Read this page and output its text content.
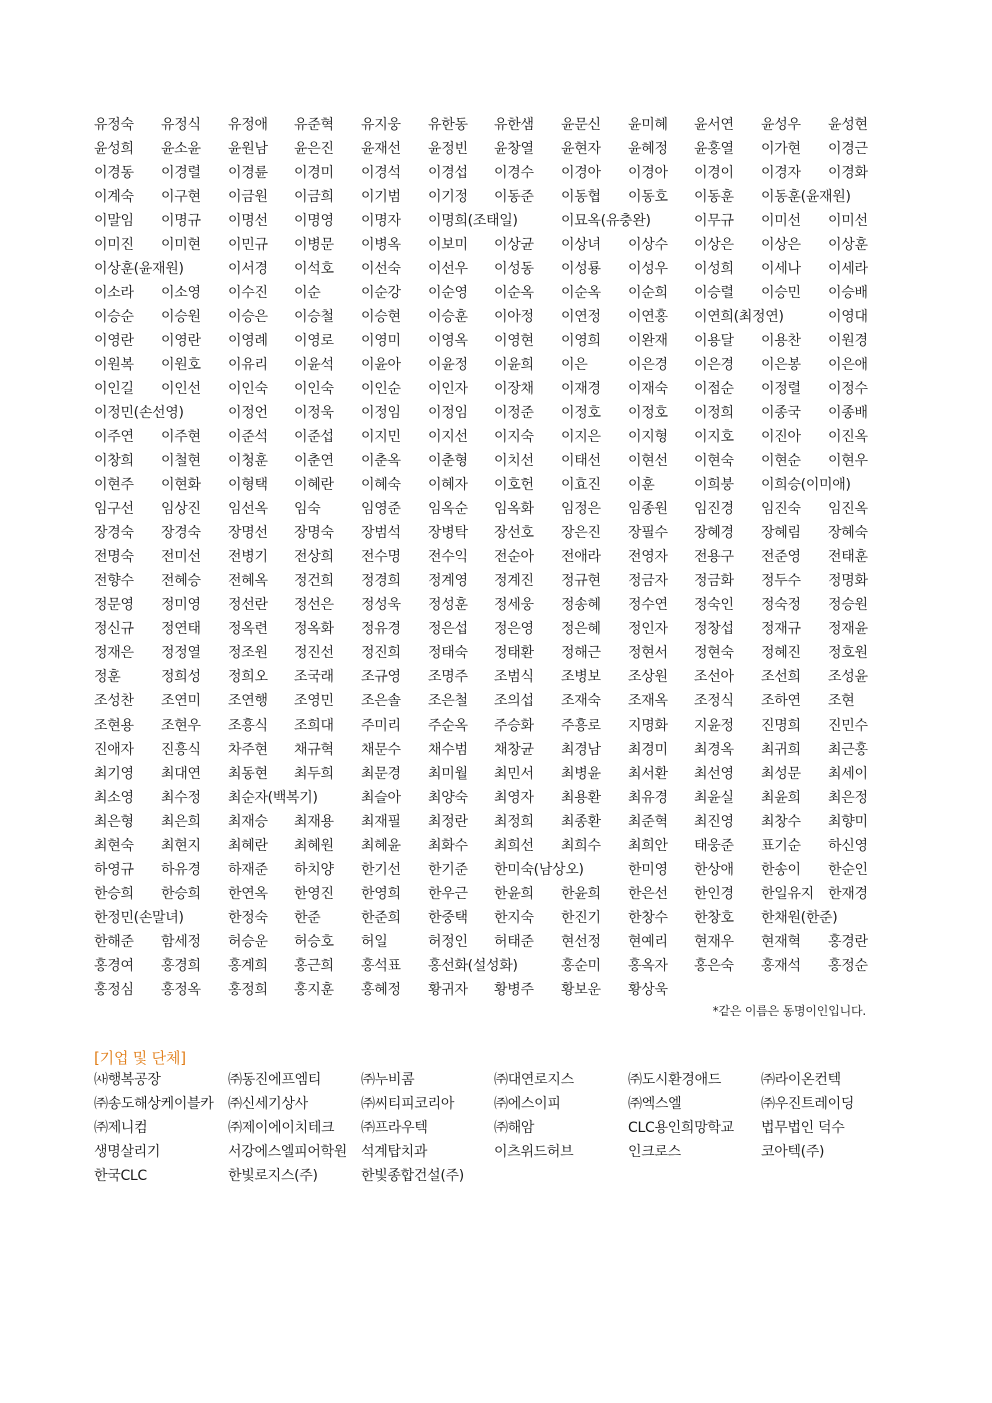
유정숙 유정식 유정애 유준혁 유지웅 유한동 유한샘 윤문신 윤미혜 윤서연 윤성우 윤성현
윤성희 윤소윤 윤원남 윤은진 윤재선 윤정빈 윤창열 윤현자 윤혜정 윤홍열 이가현 이경근
이경동 이경렬 이경륜 이경미 이경석 이경섭 이경수 이경아 이경아 이경이 이경자 이경화
이계숙 이구현 이금원 이금희 이기범 이기정 이동준 이동협 이동호 이동훈 이동훈(윤재원)
이말임 이명규 이명선 이명영 이명자 이명희(조태일)	이묘옥(유충완)	이무규 이미선 이미선
이미진 이미현 이민규 이병문 이병옥 이보미 이상균 이상녀 이상수 이상은 이상은 이상훈
이상훈(윤재원)	이서경 이석호 이선숙 이선우 이성동 이성룡 이성우 이성희 이세나 이세라
이소라 이소영 이수진 이순	이순강 이순영 이순옥 이순옥 이순희 이승렬 이승민 이승배
이승순 이승원 이승은 이승철 이승현 이승훈 이아정 이연정 이연홍 이연희(최정연)	이영대
이영란 이영란 이영례 이영로 이영미 이영옥 이영현 이영희 이완재 이용달 이용찬 이원경
이원복 이원호 이유리 이윤석 이윤아 이윤정 이윤희 이은	이은경 이은경 이은봉 이은애
이인길 이인선 이인숙 이인숙 이인순 이인자 이장채 이재경 이재숙 이점순 이정렬 이정수
이정민(손선영)	이정언 이정욱 이정임 이정임 이정준 이정호 이정호 이정희 이종국 이종배
이주연 이주현 이준석 이준섭 이지민 이지선 이지숙 이지은 이지형 이지호 이진아 이진옥
이창희 이철현 이청훈 이춘연 이춘옥 이춘형 이치선 이태선 이현선 이현숙 이현순 이현우
이현주 이현화 이형택 이혜란 이혜숙 이혜자 이호헌 이효진 이훈	이희붕 이희승(이미애)
임구선 임상진 임선옥 임숙	임영준 임옥순 임옥화 임정은 임종원 임진경 임진숙 임진옥
장경숙 장경숙 장명선 장명숙 장범석 장병탁 장선호 장은진 장필수 장혜경 장혜림 장혜숙
전명숙 전미선 전병기 전상희 전수명 전수익 전순아 전애라 전영자 전용구 전준영 전태훈
전향수 전혜승 전혜옥 정건희 정경희 정계영 정계진 정규현 정금자 정금화 정두수 정명화
정문영 정미영 정선란 정선은 정성욱 정성훈 정세웅 정송혜 정수연 정숙인 정숙정 정승원
정신규 정연태 정옥련 정옥화 정유경 정은섭 정은영 정은혜 정인자 정창섭 정재규 정재윤
정재은 정정열 정조원 정진선 정진희 정태숙 정태환 정해근 정현서 정현숙 정혜진 정호원
정훈	정희성 정희오 조국래 조규영 조명주 조범식 조병보 조상원 조선아 조선희 조성윤
조성찬 조연미 조연행 조영민 조은솔 조은철 조의섭 조재숙 조재옥 조정식 조하연 조현
조현용 조현우 조흥식 조희대 주미리 주순옥 주승화 주흥로 지명화 지윤정 진명희 진민수
진애자 진흥식 차주현 채규혁 채문수 채수범 채창균 최경남 최경미 최경옥 최귀희 최근홍
최기영 최대연 최동현 최두희 최문경 최미월 최민서 최병윤 최서환 최선영 최성문 최세이
최소영 최수정 최순자(백복기)	최슬아 최양숙 최영자 최용환 최유경 최윤실 최윤희 최은정
최은형 최은희 최재승 최재용 최재필 최정란 최정희 최종환 최준혁 최진영 최창수 최향미
최현숙 최현지 최혜란 최혜원 최혜윤 최화수 최희선 최희수 최희안 태웅준 표기순 하신영
하영규 하유경 하재준 하치양 한기선 한기준 한미숙(남상오)	한미영 한상애 한송이 한순인
한승희 한승희 한연옥 한영진 한영희 한우근 한윤희 한윤희 한은선 한인경 한일유지 한재경
한정민(손말녀)	한정숙 한준	한준희 한중택 한지숙 한진기 한창수 한창호 한채원(한준)
한해준 함세정 허승운 허승호 허일	허정인 허태준 현선정 현예리 현재우 현재혁 홍경란
홍경여 홍경희 홍계희 홍근희 홍석표 홍선화(설성화)	홍순미 홍옥자 홍은숙 홍재석 홍정순
홍정심 홍정옥 홍정희 홍지훈 홍혜정 황귀자 황병주 황보운 황상욱
*같은 이름은 동명이인입니다.
[기업 및 단체]
㈔행복공장	㈜동진에프엠티	㈜누비콤	㈜대연로지스	㈜도시환경애드	㈜라이온컨텍
㈜송도해상케이블카 ㈜신세기상사	㈜씨티피코리아	㈜에스이피	㈜엑스엘	㈜우진트레이딩
㈜제니컴	㈜제이에이치테크 ㈜프라우텍	㈜해암	CLC용인희망학교 법무법인 덕수
생명살리기	서강에스엘피어학원 석계탑치과	이츠위드허브	인크로스	코아텍(주)
한국CLC	한빛로지스(주)	한빛종합건설(주)
